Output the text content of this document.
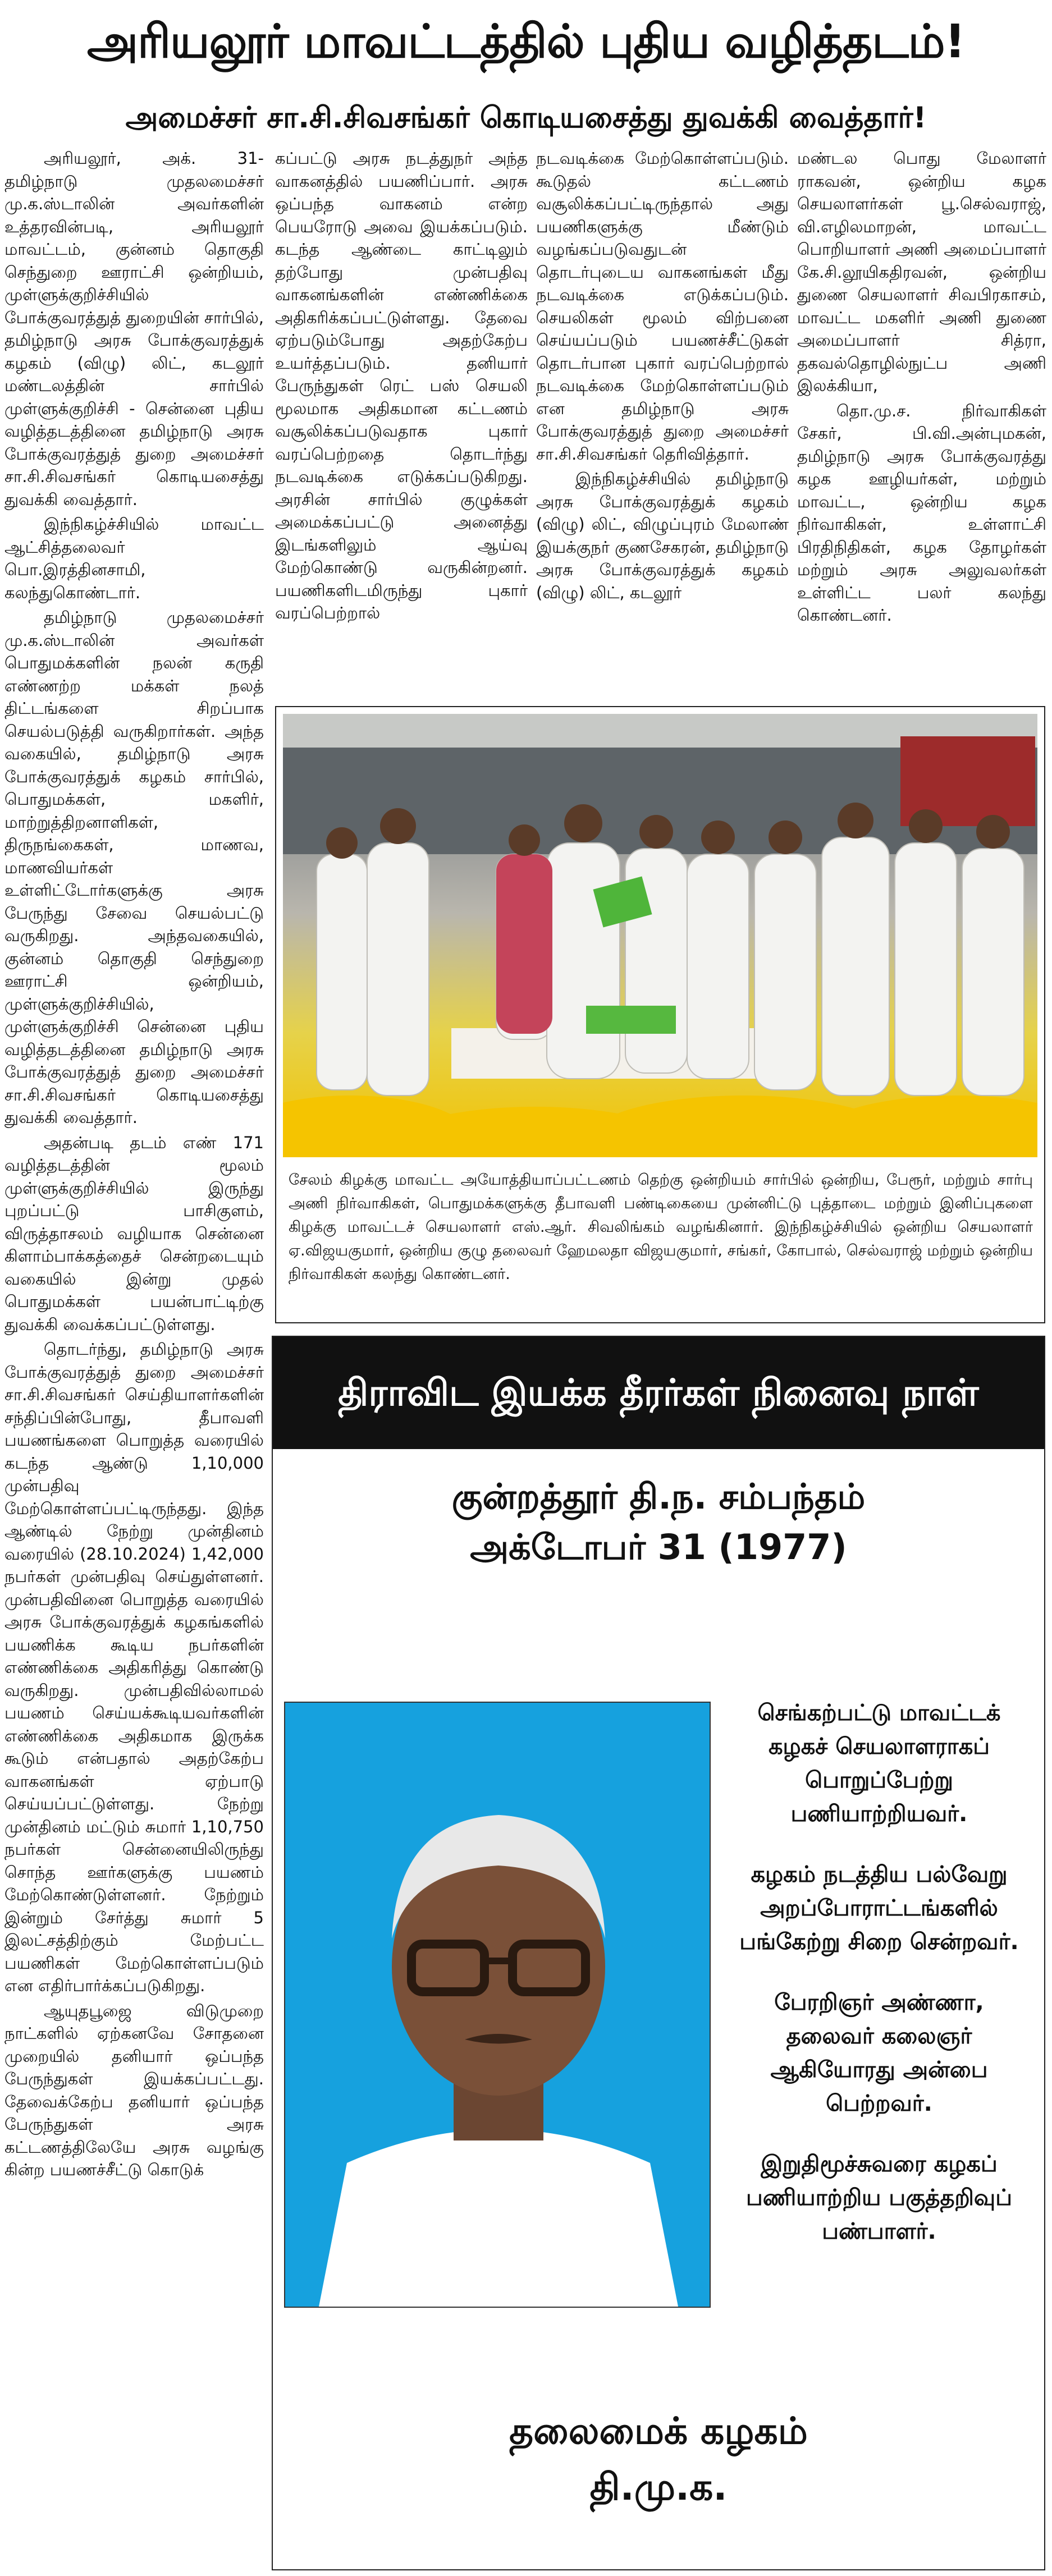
அரியலூர் மாவட்டத்தில் புதிய வழித்தடம்!
அமைச்சர் சா.சி.சிவசங்கர் கொடியசைத்து துவக்கி வைத்தார்!

அரியலூர், அக். 31- தமிழ்நாடு முதலமைச்சர் மு.க.ஸ்டாலின் அவர்களின் உத்தரவின்படி, அரியலூர் மாவட்டம், குன்னம் தொகுதி செந்துறை ஊராட்சி ஒன்றியம், முள்ளுக்குறிச்சியில் போக்குவரத்துத் துறையின் சார்பில், தமிழ்நாடு அரசு போக்குவரத்துக் கழகம் (விழு) லிட், கடலூர் மண்டலத்தின் சார்பில் முள்ளுக்குறிச்சி - சென்னை புதிய வழித்தடத்தினை தமிழ்நாடு அரசு போக்குவரத்துத் துறை அமைச்சர் சா.சி.சிவசங்கர் கொடியசைத்து துவக்கி வைத்தார்.

இந்நிகழ்ச்சியில் மாவட்ட ஆட்சித்தலைவர் பொ.இரத்தினசாமி, கலந்துகொண்டார்.

தமிழ்நாடு முதலமைச்சர் மு.க.ஸ்டாலின் அவர்கள் பொதுமக்களின் நலன் கருதி எண்ணற்ற மக்கள் நலத் திட்டங்களை சிறப்பாக செயல்படுத்தி வருகிறார்கள். அந்த வகையில், தமிழ்நாடு அரசு போக்குவரத்துக் கழகம் சார்பில், பொதுமக்கள், மகளிர், மாற்றுத்திறனாளிகள், திருநங்கைகள், மாணவ, மாணவியர்கள் உள்ளிட்டோர்களுக்கு அரசு பேருந்து சேவை செயல்பட்டு வருகிறது. அந்தவகையில், குன்னம் தொகுதி செந்துறை ஊராட்சி ஒன்றியம், முள்ளுக்குறிச்சியில், முள்ளுக்குறிச்சி சென்னை புதிய வழித்தடத்தினை தமிழ்நாடு அரசு போக்குவரத்துத் துறை அமைச்சர் சா.சி.சிவசங்கர் கொடியசைத்து துவக்கி வைத்தார்.

அதன்படி தடம் எண் 171 வழித்தடத்தின் மூலம் முள்ளுக்குறிச்சியில் இருந்து புறப்பட்டு பாசிகுளம், விருத்தாசலம் வழியாக சென்னை கிளாம்பாக்கத்தைச் சென்றடையும் வகையில் இன்று முதல் பொதுமக்கள் பயன்பாட்டிற்கு துவக்கி வைக்கப்பட்டுள்ளது.

தொடர்ந்து, தமிழ்நாடு அரசு போக்குவரத்துத் துறை அமைச்சர் சா.சி.சிவசங்கர் செய்தியாளர்களின் சந்திப்பின்போது, தீபாவளி பயணங்களை பொறுத்த வரையில் கடந்த ஆண்டு 1,10,000 முன்பதிவு மேற்கொள்ளப்பட்டிருந்தது. இந்த ஆண்டில் நேற்று முன்தினம் வரையில் (28.10.2024) 1,42,000 நபர்கள் முன்பதிவு செய்துள்ளனர். முன்பதிவினை பொறுத்த வரையில் அரசு போக்குவரத்துக் கழகங்களில் பயணிக்க கூடிய நபர்களின் எண்ணிக்கை அதிகரித்து கொண்டு வருகிறது. முன்பதிவில்லாமல் பயணம் செய்யக்கூடியவர்களின் எண்ணிக்கை அதிகமாக இருக்க கூடும் என்பதால் அதற்கேற்ப வாகனங்கள் ஏற்பாடு செய்யப்பட்டுள்ளது. நேற்று முன்தினம் மட்டும் சுமார் 1,10,750 நபர்கள் சென்னையிலிருந்து சொந்த ஊர்களுக்கு பயணம் மேற்கொண்டுள்ளனர். நேற்றும் இன்றும் சேர்த்து சுமார் 5 இலட்சத்திற்கும் மேற்பட்ட பயணிகள் மேற்கொள்ளப்படும் என எதிர்பார்க்கப்படுகிறது.

ஆயுதபூஜை விடுமுறை நாட்களில் ஏற்கனவே சோதனை முறையில் தனியார் ஒப்பந்த பேருந்துகள் இயக்கப்பட்டது. தேவைக்கேற்ப தனியார் ஒப்பந்த பேருந்துகள் அரசு கட்டணத்திலேயே அரசு வழங்கு கின்ற பயணச்சீட்டு கொடுக்

கப்பட்டு அரசு நடத்துநர் அந்த வாகனத்தில் பயணிப்பார். அரசு ஒப்பந்த வாகனம் என்ற பெயரோடு அவை இயக்கப்படும். கடந்த ஆண்டை காட்டிலும் தற்போது முன்பதிவு வாகனங்களின் எண்ணிக்கை அதிகரிக்கப்பட்டுள்ளது. தேவை ஏற்படும்போது அதற்கேற்ப உயர்த்தப்படும். தனியார் பேருந்துகள் ரெட் பஸ் செயலி மூலமாக அதிகமான கட்டணம் வசூலிக்கப்படுவதாக புகார் வரப்பெற்றதை தொடர்ந்து நடவடிக்கை எடுக்கப்படுகிறது. அரசின் சார்பில் குழுக்கள் அமைக்கப்பட்டு அனைத்து இடங்களிலும் ஆய்வு மேற்கொண்டு வருகின்றனர். பயணிகளிடமிருந்து புகார் வரப்பெற்றால்

நடவடிக்கை மேற்கொள்ளப்படும். கூடுதல் கட்டணம் வசூலிக்கப்பட்டிருந்தால் அது பயணிகளுக்கு மீண்டும் வழங்கப்படுவதுடன் தொடர்புடைய வாகனங்கள் மீது நடவடிக்கை எடுக்கப்படும். செயலிகள் மூலம் விற்பனை செய்யப்படும் பயணச்சீட்டுகள் தொடர்பான புகார் வரப்பெற்றால் நடவடிக்கை மேற்கொள்ளப்படும் என தமிழ்நாடு அரசு போக்குவரத்துத் துறை அமைச்சர் சா.சி.சிவசங்கர் தெரிவித்தார்.

இந்நிகழ்ச்சியில் தமிழ்நாடு அரசு போக்குவரத்துக் கழகம் (விழு) லிட், விழுப்புரம் மேலாண் இயக்குநர் குணசேகரன், தமிழ்நாடு அரசு போக்குவரத்துக் கழகம் (விழு) லிட், கடலூர்

மண்டல பொது மேலாளர் ராகவன், ஒன்றிய கழக செயலாளர்கள் பூ.செல்வராஜ், வி.எழிலமாறன், மாவட்ட பொறியாளர் அணி அமைப்பாளர் கே.சி.லூயிகதிரவன், ஒன்றிய துணை செயலாளர் சிவபிரகாசம், மாவட்ட மகளிர் அணி துணை அமைப்பாளர் சித்ரா, தகவல்தொழில்நுட்ப அணி இலக்கியா,

தொ.மு.ச. நிர்வாகிகள் சேகர், பி.வி.அன்புமகன், தமிழ்நாடு அரசு போக்குவரத்து கழக ஊழியர்கள், மற்றும் மாவட்ட, ஒன்றிய கழக நிர்வாகிகள், உள்ளாட்சி பிரதிநிதிகள், கழக தோழர்கள் மற்றும் அரசு அலுவலர்கள் உள்ளிட்ட பலர் கலந்து கொண்டனர்.

சேலம் கிழக்கு மாவட்ட அயோத்தியாப்பட்டணம் தெற்கு ஒன்றியம் சார்பில் ஒன்றிய, பேரூர், மற்றும் சார்பு அணி நிர்வாகிகள், பொதுமக்களுக்கு தீபாவளி பண்டிகையை முன்னிட்டு புத்தாடை மற்றும் இனிப்புகளை கிழக்கு மாவட்டச் செயலாளர் எஸ்.ஆர். சிவலிங்கம் வழங்கினார். இந்நிகழ்ச்சியில் ஒன்றிய செயலாளர் ஏ.விஜயகுமார், ஒன்றிய குழு தலைவர் ஹேமலதா விஜயகுமார், சங்கர், கோபால், செல்வராஜ் மற்றும் ஒன்றிய நிர்வாகிகள் கலந்து கொண்டனர்.
திராவிட இயக்க தீரர்கள் நினைவு நாள்
குன்றத்தூர் தி.ந. சம்பந்தம்
அக்டோபர் 31 (1977)
செங்கற்பட்டு மாவட்டக் கழகச் செயலாளராகப் பொறுப்பேற்று பணியாற்றியவர்.
கழகம் நடத்திய பல்வேறு அறப்போராட்டங்களில் பங்கேற்று சிறை சென்றவர்.
பேரறிஞர் அண்ணா, தலைவர் கலைஞர் ஆகியோரது அன்பை பெற்றவர்.
இறுதிமூச்சுவரை கழகப் பணியாற்றிய பகுத்தறிவுப் பண்பாளர்.
தலைமைக் கழகம்
தி.மு.க.
